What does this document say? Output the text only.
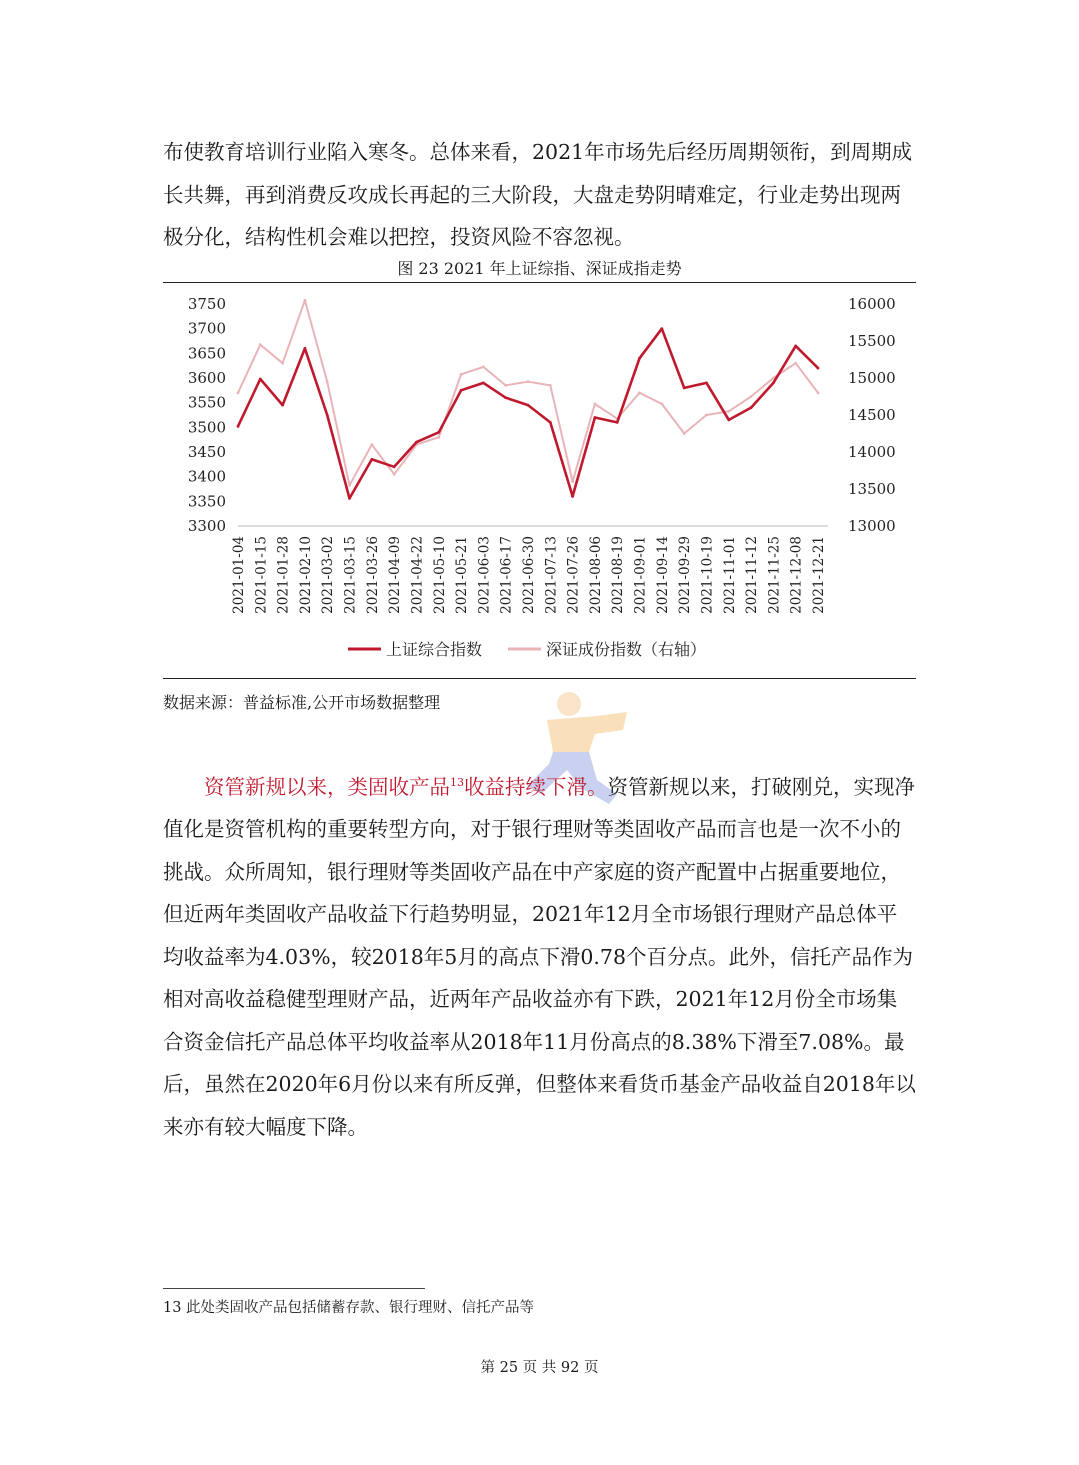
布使教育培训行业陷入寒冬。总体来看，2021年市场先后经历周期领衔，到周期成长共舞，再到消费反攻成长再起的三大阶段，大盘走势阴晴难定，行业走势出现两极分化，结构性机会难以把控，投资风险不容忽视。

图 23 2021 年上证综指、深证成指走势
3300
3350
3400
3450
3500
3550
3600
3650
3700
3750
13000
13500
14000
14500
15000
15500
16000
2021-01-04 2021-01-15 2021-01-28 2021-02-10 2021-03-02 2021-03-15 2021-03-26 2021-04-09 2021-04-22 2021-05-10 2021-05-21 2021-06-03 2021-06-17 2021-06-30 2021-07-13 2021-07-26 2021-08-06 2021-08-19 2021-09-01 2021-09-14 2021-09-29 2021-10-19 2021-11-01 2021-11-12 2021-11-25 2021-12-08 2021-12-21
上证综合指数	深证成份指数（右轴）
数据来源：普益标准,公开市场数据整理

资管新规以来，类固收产品$^{13}$收益持续下滑。资管新规以来，打破刚兑，实现净值化是资管机构的重要转型方向，对于银行理财等类固收产品而言也是一次不小的挑战。众所周知，银行理财等类固收产品在中产家庭的资产配置中占据重要地位，但近两年类固收产品收益下行趋势明显，2021年12月全市场银行理财产品总体平均收益率为4.03%，较2018年5月的高点下滑0.78个百分点。此外，信托产品作为相对高收益稳健型理财产品，近两年产品收益亦有下跌，2021年12月份全市场集合资金信托产品总体平均收益率从2018年11月份高点的8.38%下滑至7.08%。最后，虽然在2020年6月份以来有所反弹，但整体来看货币基金产品收益自2018年以来亦有较大幅度下降。

13 此处类固收产品包括储蓄存款、银行理财、信托产品等
第 25 页 共 92 页
